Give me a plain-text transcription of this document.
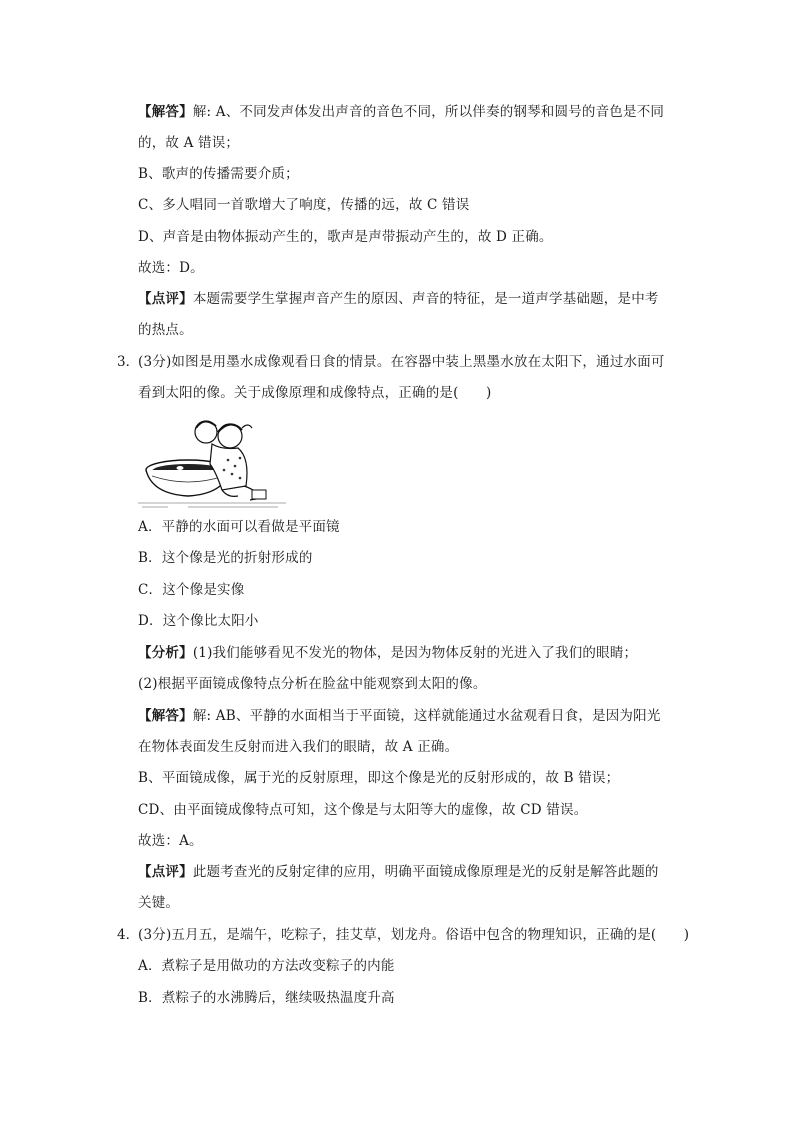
【解答】解: A、不同发声体发出声音的音色不同，所以伴奏的钢琴和圆号的音色是不同
的，故 A 错误；
B、歌声的传播需要介质；
C、多人唱同一首歌增大了响度，传播的远，故 C 错误
D、声音是由物体振动产生的，歌声是声带振动产生的，故 D 正确。
故选：D。
【点评】本题需要学生掌握声音产生的原因、声音的特征，是一道声学基础题，是中考
的热点。
3．
(3分)如图是用墨水成像观看日食的情景。在容器中装上黑墨水放在太阳下，通过水面可
看到太阳的像。关于成像原理和成像特点，正确的是(　　)
A．平静的水面可以看做是平面镜
B．这个像是光的折射形成的
C．这个像是实像
D．这个像比太阳小
【分析】(1)我们能够看见不发光的物体，是因为物体反射的光进入了我们的眼睛；
(2)根据平面镜成像特点分析在脸盆中能观察到太阳的像。
【解答】解: AB、平静的水面相当于平面镜，这样就能通过水盆观看日食，是因为阳光
在物体表面发生反射而进入我们的眼睛，故 A 正确。
B、平面镜成像，属于光的反射原理，即这个像是光的反射形成的，故 B 错误；
CD、由平面镜成像特点可知，这个像是与太阳等大的虚像，故 CD 错误。
故选：A。
【点评】此题考查光的反射定律的应用，明确平面镜成像原理是光的反射是解答此题的
关键。
4．
(3分)五月五，是端午，吃粽子，挂艾草，划龙舟。俗语中包含的物理知识，正确的是(　　)
A．煮粽子是用做功的方法改变粽子的内能
B．煮粽子的水沸腾后，继续吸热温度升高
